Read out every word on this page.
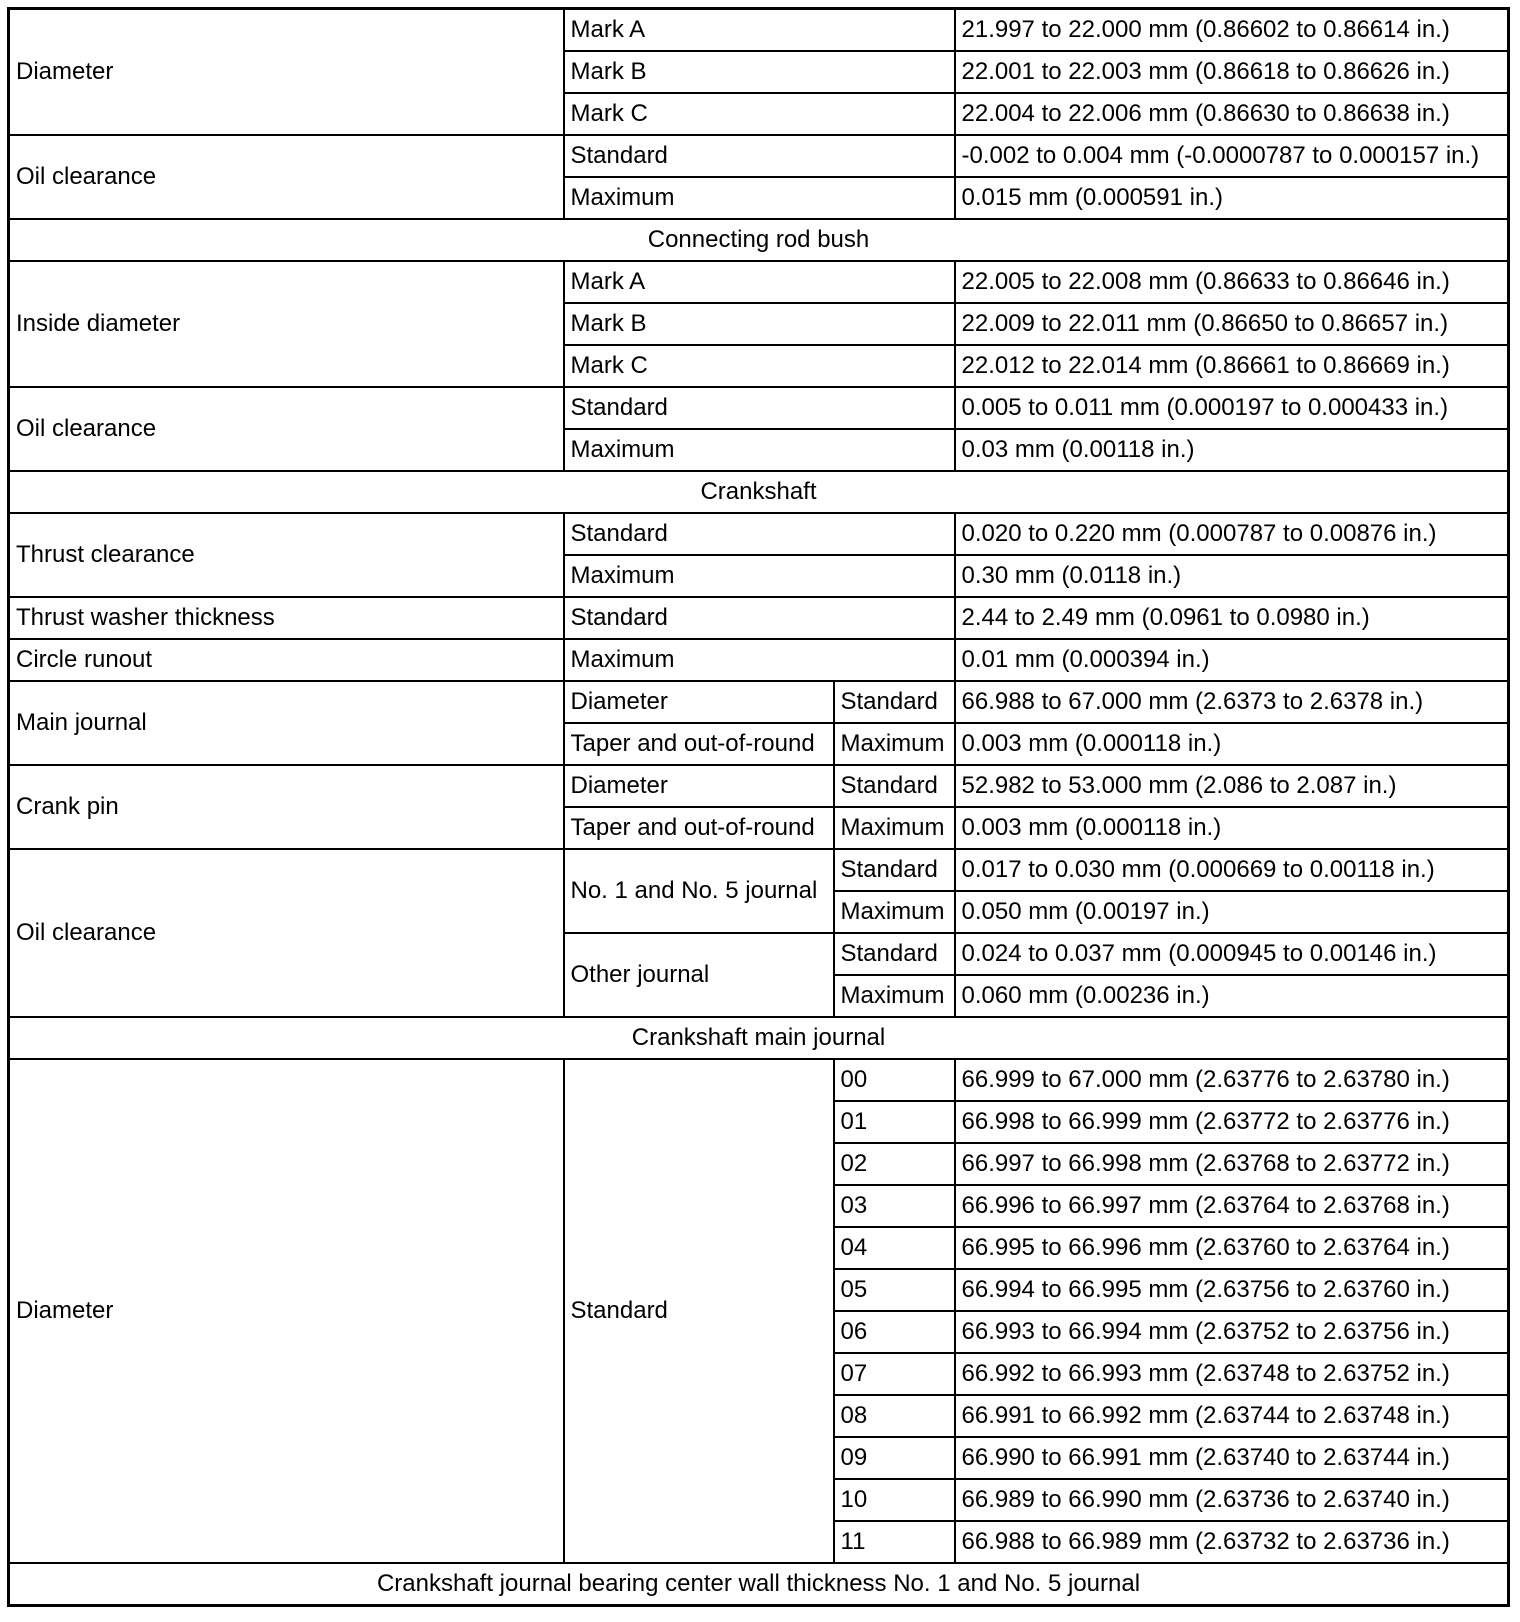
Diameter	Mark A		21.997 to 22.000 mm (0.86602 to 0.86614 in.)
	Mark B		22.001 to 22.003 mm (0.86618 to 0.86626 in.)
	Mark C		22.004 to 22.006 mm (0.86630 to 0.86638 in.)
Oil clearance	Standard		-0.002 to 0.004 mm (-0.0000787 to 0.000157 in.)
	Maximum		0.015 mm (0.000591 in.)
Connecting rod bush			
Inside diameter	Mark A		22.005 to 22.008 mm (0.86633 to 0.86646 in.)
	Mark B		22.009 to 22.011 mm (0.86650 to 0.86657 in.)
	Mark C		22.012 to 22.014 mm (0.86661 to 0.86669 in.)
Oil clearance	Standard		0.005 to 0.011 mm (0.000197 to 0.000433 in.)
	Maximum		0.03 mm (0.00118 in.)
Crankshaft			
Thrust clearance	Standard		0.020 to 0.220 mm (0.000787 to 0.00876 in.)
	Maximum		0.30 mm (0.0118 in.)
Thrust washer thickness	Standard		2.44 to 2.49 mm (0.0961 to 0.0980 in.)
Circle runout	Maximum		0.01 mm (0.000394 in.)
Main journal	Diameter	Standard	66.988 to 67.000 mm (2.6373 to 2.6378 in.)
	Taper and out-of-round	Maximum	0.003 mm (0.000118 in.)
Crank pin	Diameter	Standard	52.982 to 53.000 mm (2.086 to 2.087 in.)
	Taper and out-of-round	Maximum	0.003 mm (0.000118 in.)
Oil clearance	No. 1 and No. 5 journal	Standard	0.017 to 0.030 mm (0.000669 to 0.00118 in.)
		Maximum	0.050 mm (0.00197 in.)
	Other journal	Standard	0.024 to 0.037 mm (0.000945 to 0.00146 in.)
		Maximum	0.060 mm (0.00236 in.)
Crankshaft main journal			
Diameter	Standard	00	66.999 to 67.000 mm (2.63776 to 2.63780 in.)
		01	66.998 to 66.999 mm (2.63772 to 2.63776 in.)
		02	66.997 to 66.998 mm (2.63768 to 2.63772 in.)
		03	66.996 to 66.997 mm (2.63764 to 2.63768 in.)
		04	66.995 to 66.996 mm (2.63760 to 2.63764 in.)
		05	66.994 to 66.995 mm (2.63756 to 2.63760 in.)
		06	66.993 to 66.994 mm (2.63752 to 2.63756 in.)
		07	66.992 to 66.993 mm (2.63748 to 2.63752 in.)
		08	66.991 to 66.992 mm (2.63744 to 2.63748 in.)
		09	66.990 to 66.991 mm (2.63740 to 2.63744 in.)
		10	66.989 to 66.990 mm (2.63736 to 2.63740 in.)
		11	66.988 to 66.989 mm (2.63732 to 2.63736 in.)
Crankshaft journal bearing center wall thickness No. 1 and No. 5 journal			
